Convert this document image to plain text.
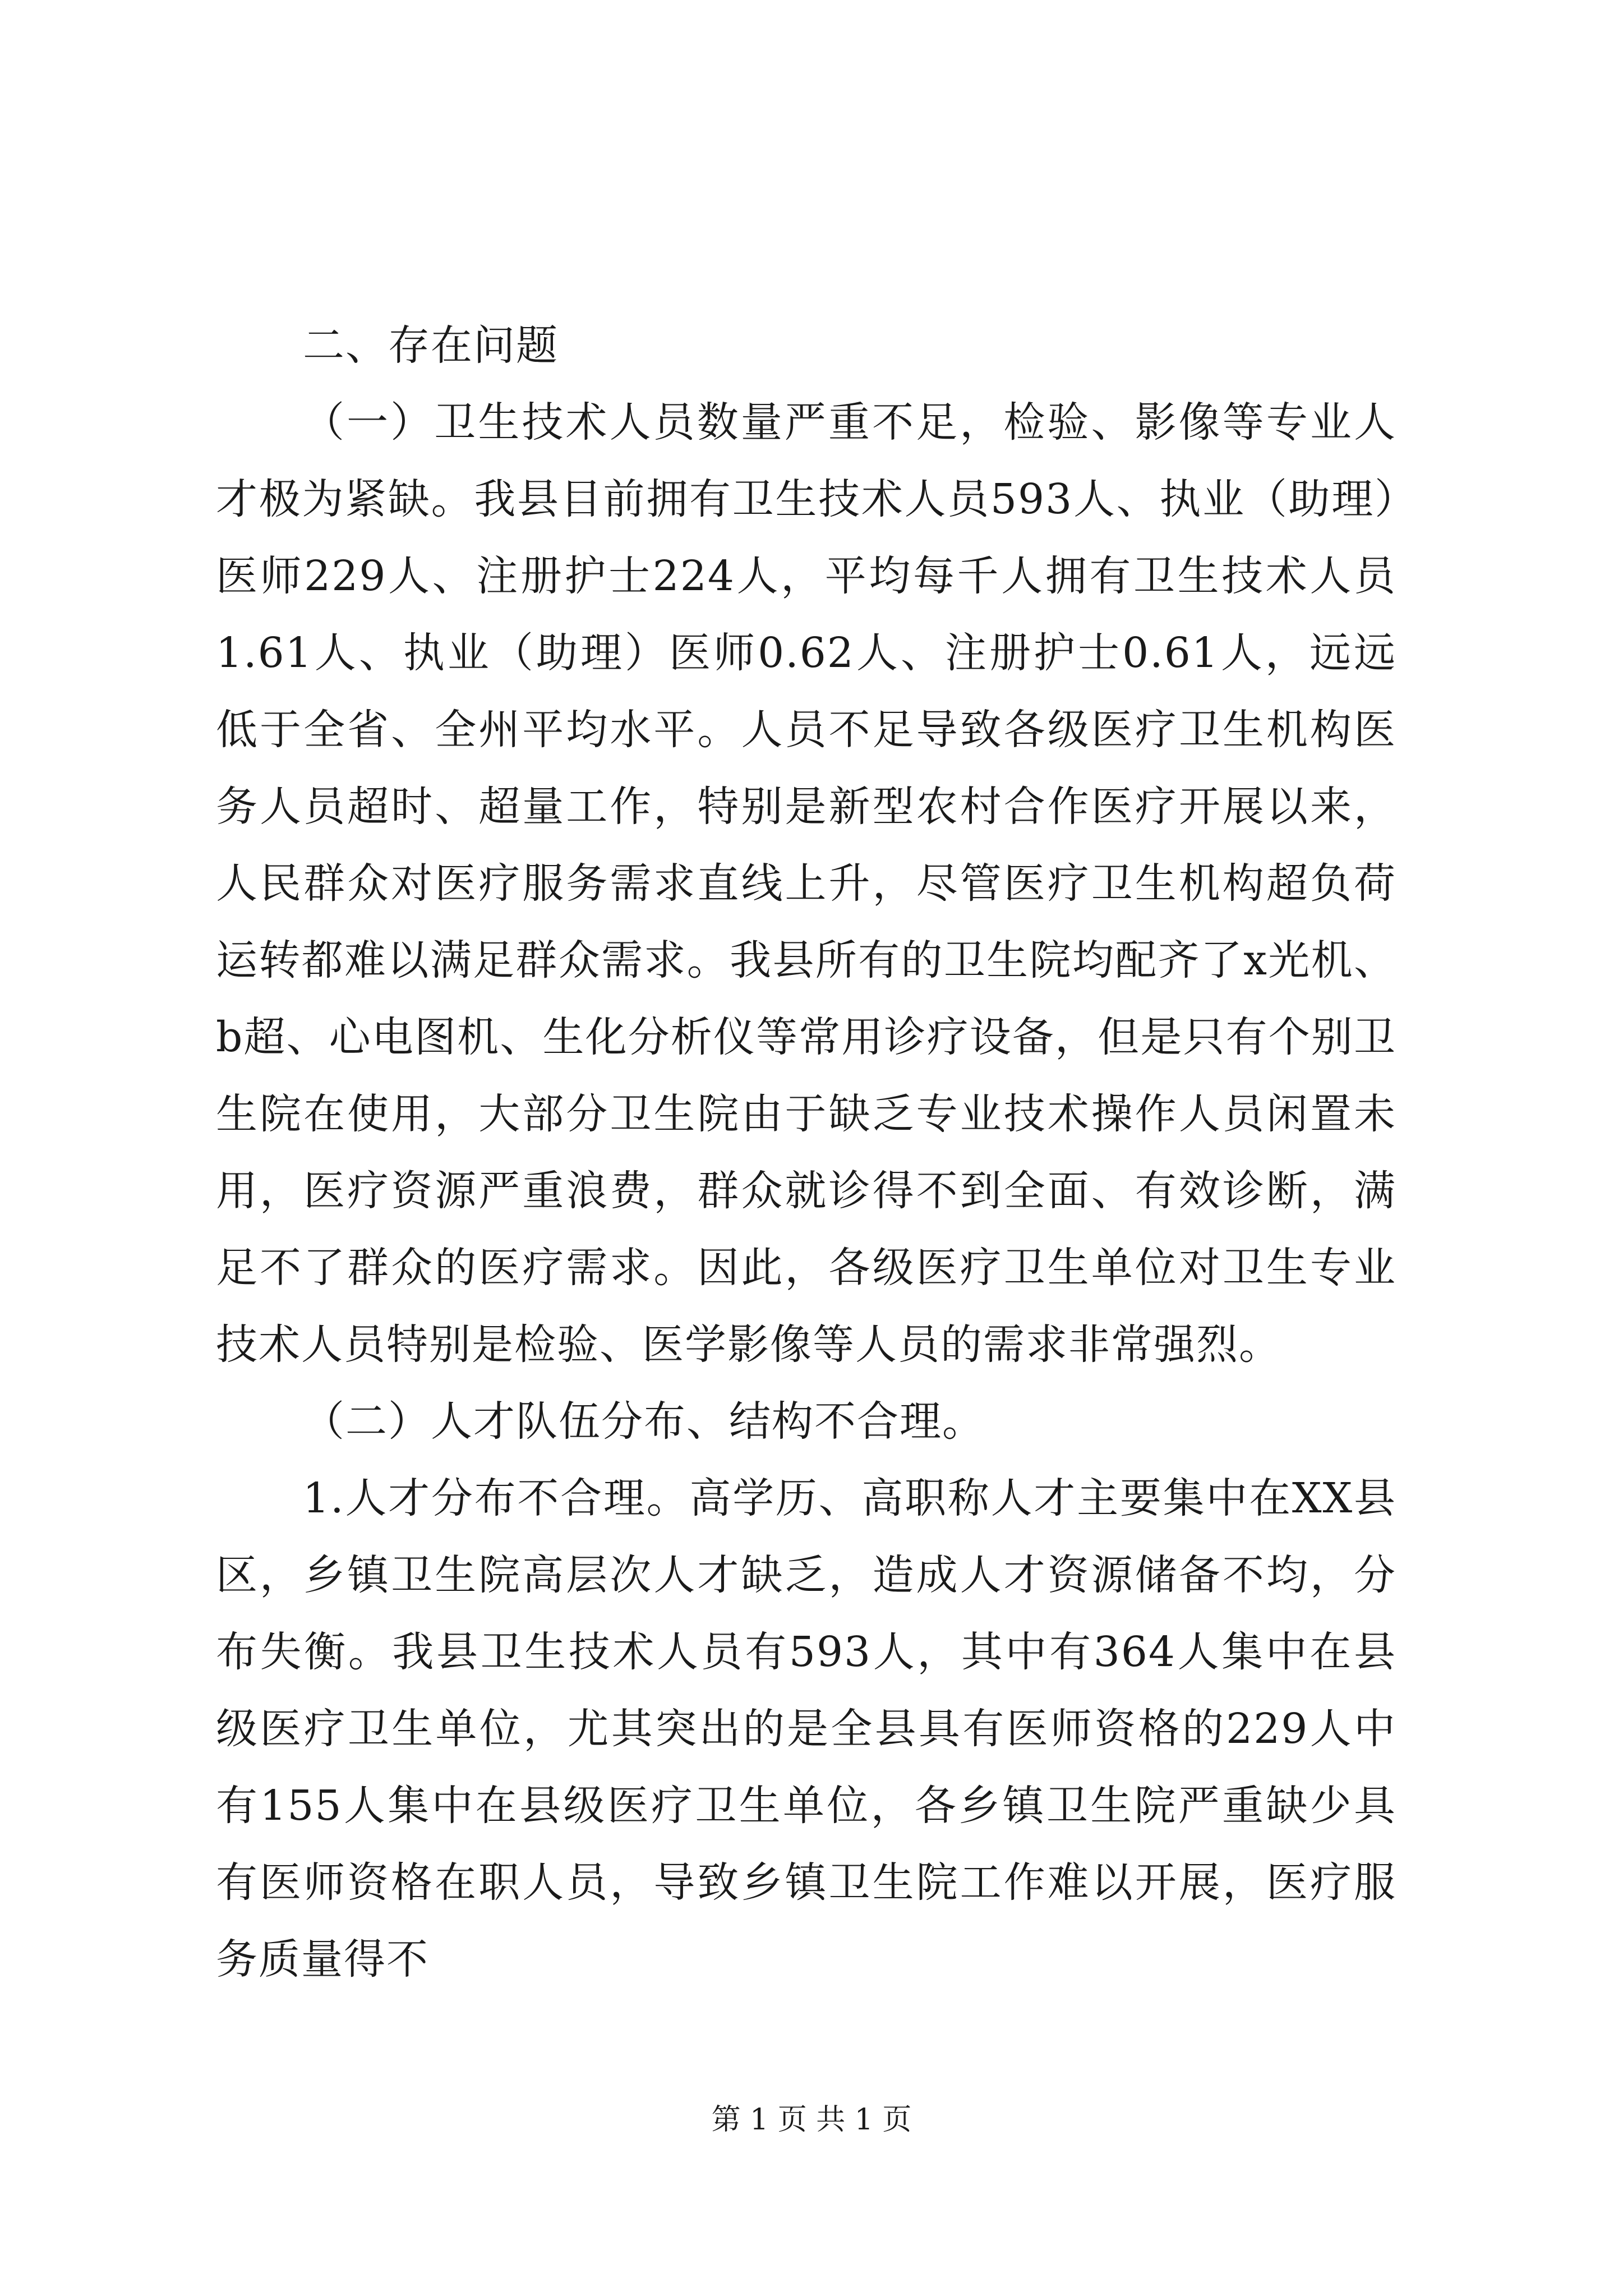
二、存在问题

（一）卫生技术人员数量严重不足，检验、影像等专业人才极为紧缺。我县目前拥有卫生技术人员593人、执业（助理）医师229人、注册护士224人，平均每千人拥有卫生技术人员1.61人、执业（助理）医师0.62人、注册护士0.61人，远远低于全省、全州平均水平。人员不足导致各级医疗卫生机构医务人员超时、超量工作，特别是新型农村合作医疗开展以来，人民群众对医疗服务需求直线上升，尽管医疗卫生机构超负荷运转都难以满足群众需求。我县所有的卫生院均配齐了x光机、b超、心电图机、生化分析仪等常用诊疗设备，但是只有个别卫生院在使用，大部分卫生院由于缺乏专业技术操作人员闲置未用，医疗资源严重浪费，群众就诊得不到全面、有效诊断，满足不了群众的医疗需求。因此，各级医疗卫生单位对卫生专业技术人员特别是检验、医学影像等人员的需求非常强烈。

（二）人才队伍分布、结构不合理。

1.人才分布不合理。高学历、高职称人才主要集中在XX县区，乡镇卫生院高层次人才缺乏，造成人才资源储备不均，分布失衡。我县卫生技术人员有593人，其中有364人集中在县级医疗卫生单位，尤其突出的是全县具有医师资格的229人中有155人集中在县级医疗卫生单位，各乡镇卫生院严重缺少具有医师资格在职人员，导致乡镇卫生院工作难以开展，医疗服务质量得不

第 1 页 共 1 页
